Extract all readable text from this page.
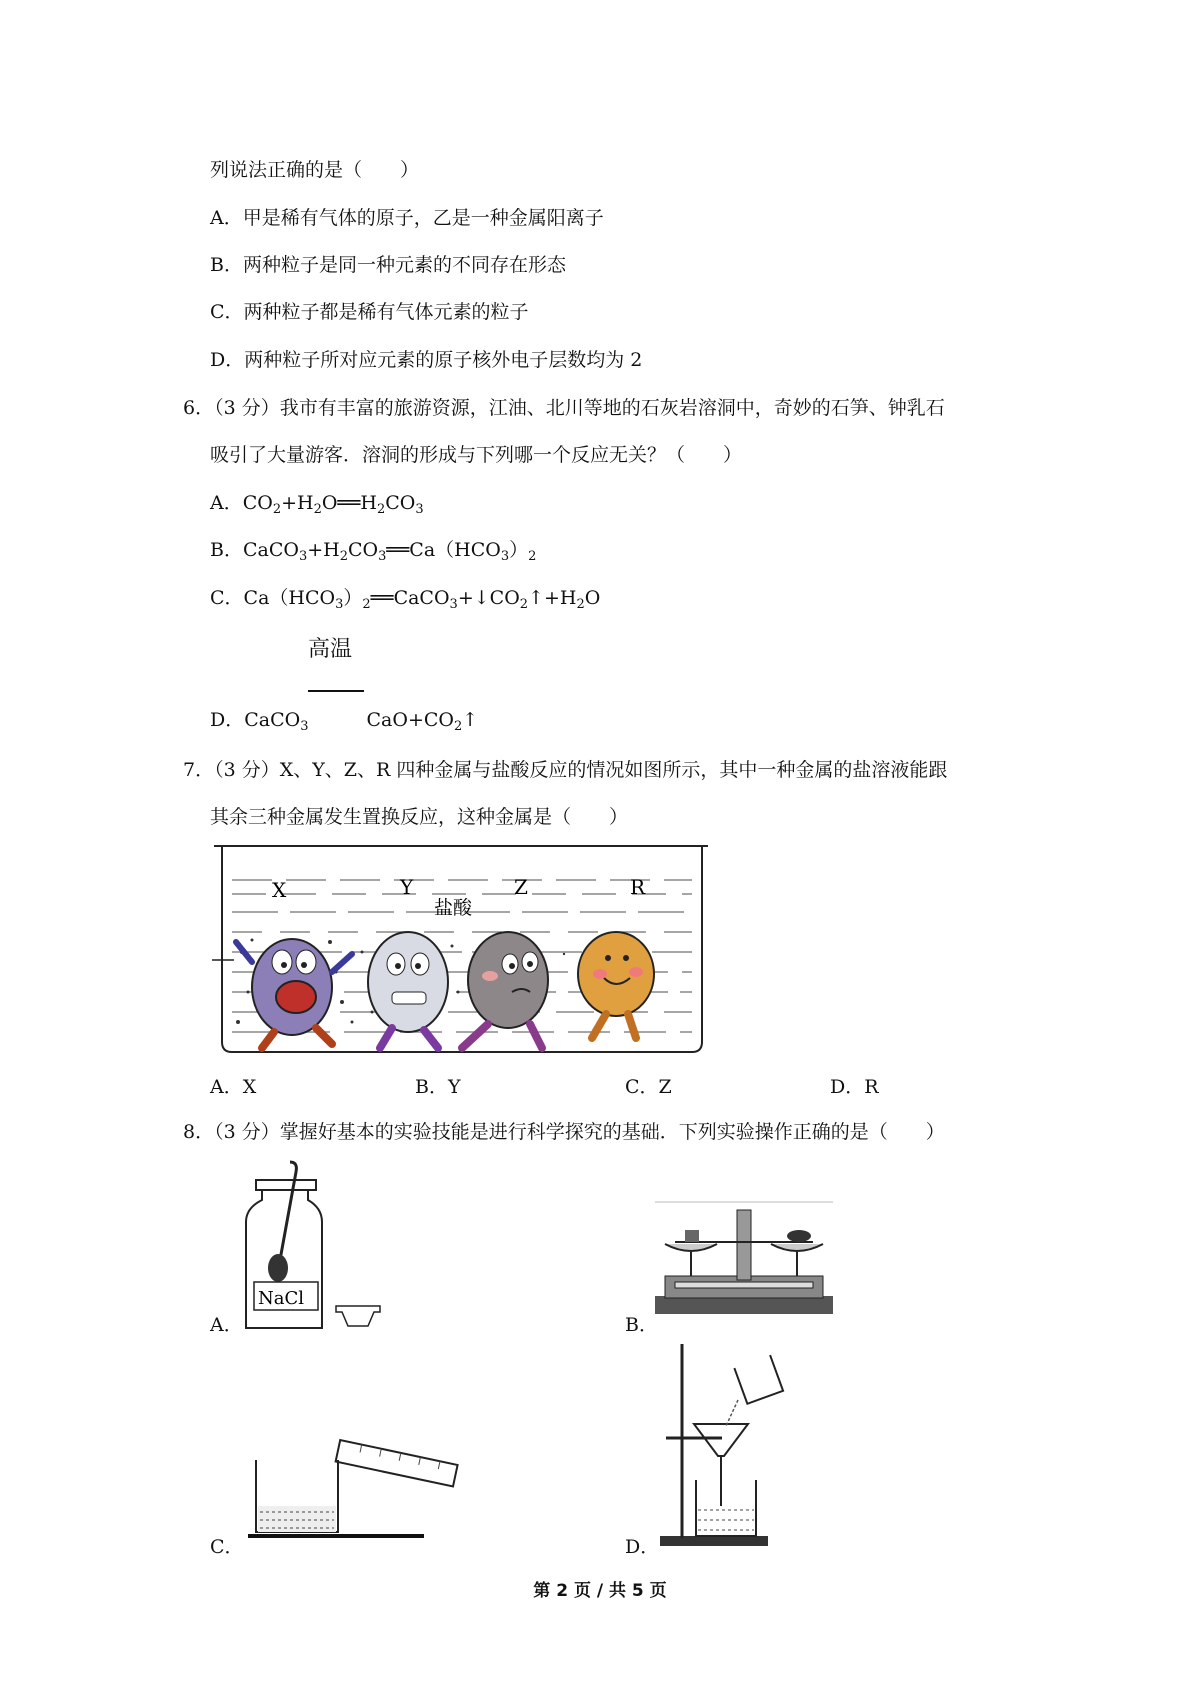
列说法正确的是（　　）
A．甲是稀有气体的原子，乙是一种金属阳离子
B．两种粒子是同一种元素的不同存在形态
C．两种粒子都是稀有气体元素的粒子
D．两种粒子所对应元素的原子核外电子层数均为 2
6．（3 分）我市有丰富的旅游资源，江油、北川等地的石灰岩溶洞中，奇妙的石笋、钟乳石
吸引了大量游客．溶洞的形成与下列哪一个反应无关？（　　）
A．$CO_2+H_2O══H_2CO_3$
B．$CaCO_3+H_2CO_3══Ca(HCO_3)_2$
C．$Ca(HCO_3)_2══CaCO_3+↓CO_2↑+H_2O$
高温
D．CaCO$_3$	$CaO+CO_2↑$
7．（3 分）X、Y、Z、R 四种金属与盐酸反应的情况如图所示，其中一种金属的盐溶液能跟
其余三种金属发生置换反应，这种金属是（　　）
X	Y	Z	R
盐酸
A．X	B．Y	C．Z	D．R
8．（3 分）掌握好基本的实验技能是进行科学探究的基础．下列实验操作正确的是（　　）
A．
NaCl
B．
C．	D．
第 2 页 / 共 5 页
